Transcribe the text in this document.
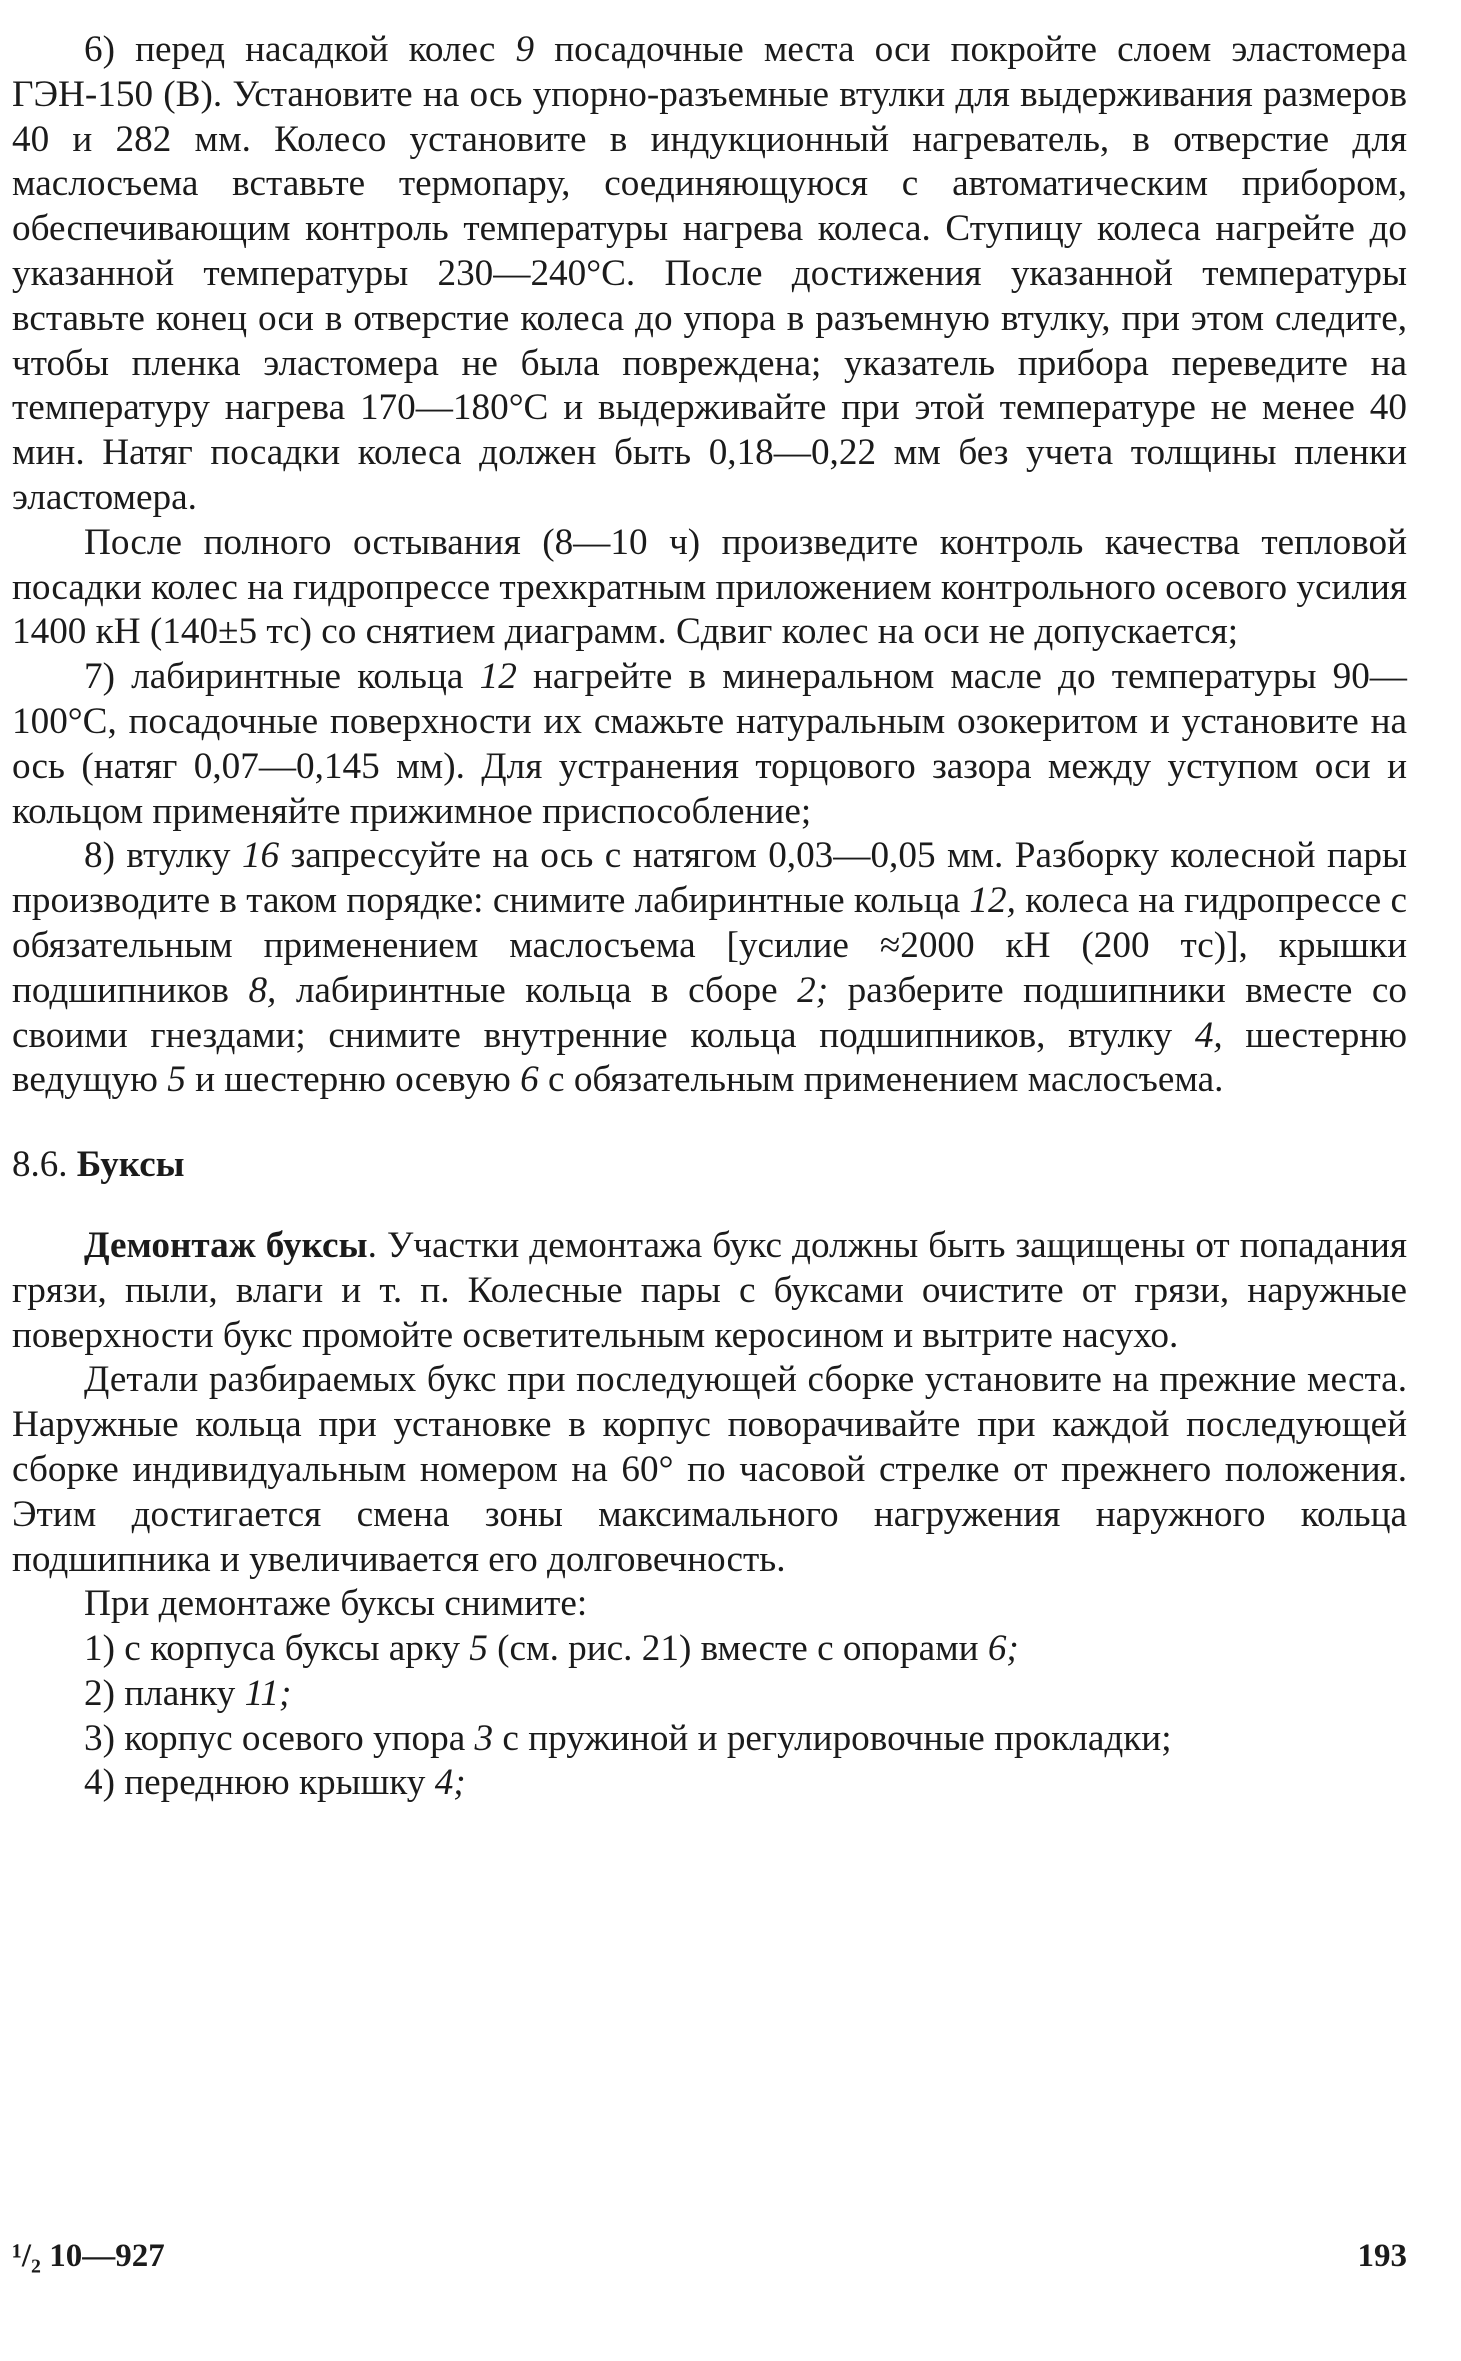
6) перед насадкой колес 9 посадочные места оси покройте слоем эластомера ГЭН-150 (В). Установите на ось упорно-разъемные втулки для выдерживания размеров 40 и 282 мм. Колесо установите в индукционный нагреватель, в отверстие для маслосъема вставьте термопару, соединяющуюся с автоматическим прибором, обеспечивающим контроль температуры нагрева колеса. Ступицу колеса нагрейте до указанной температуры 230—240°С. После достижения указанной температуры вставьте конец оси в отверстие колеса до упора в разъемную втулку, при этом следите, чтобы пленка эластомера не была повреждена; указатель прибора переведите на температуру нагрева 170—180°С и выдерживайте при этой температуре не менее 40 мин. Натяг посадки колеса должен быть 0,18—0,22 мм без учета толщины пленки эластомера.

После полного остывания (8—10 ч) произведите контроль качества тепловой посадки колес на гидропрессе трехкратным приложением контрольного осевого усилия 1400 кН (140±5 тс) со снятием диаграмм. Сдвиг колес на оси не допускается;

7) лабиринтные кольца 12 нагрейте в минеральном масле до температуры 90—100°С, посадочные поверхности их смажьте натуральным озокеритом и установите на ось (натяг 0,07—0,145 мм). Для устранения торцового зазора между уступом оси и кольцом применяйте прижимное приспособление;

8) втулку 16 запрессуйте на ось с натягом 0,03—0,05 мм. Разборку колесной пары производите в таком порядке: снимите лабиринтные кольца 12, колеса на гидропрессе с обязательным применением маслосъема [усилие ≈2000 кН (200 тс)], крышки подшипников 8, лабиринтные кольца в сборе 2; разберите подшипники вместе со своими гнездами; снимите внутренние кольца подшипников, втулку 4, шестерню ведущую 5 и шестерню осевую 6 с обязательным применением маслосъема.

8.6. Буксы

Демонтаж буксы. Участки демонтажа букс должны быть защищены от попадания грязи, пыли, влаги и т. п. Колесные пары с буксами очистите от грязи, наружные поверхности букс промойте осветительным керосином и вытрите насухо.

Детали разбираемых букс при последующей сборке установите на прежние места. Наружные кольца при установке в корпус поворачивайте при каждой последующей сборке индивидуальным номером на 60° по часовой стрелке от прежнего положения. Этим достигается смена зоны максимального нагружения наружного кольца подшипника и увеличивается его долговечность.

При демонтаже буксы снимите:

1) с корпуса буксы арку 5 (см. рис. 21) вместе с опорами 6;

2) планку 11;

3) корпус осевого упора 3 с пружиной и регулировочные прокладки;

4) переднюю крышку 4;

¹/₂ 10—927	193
